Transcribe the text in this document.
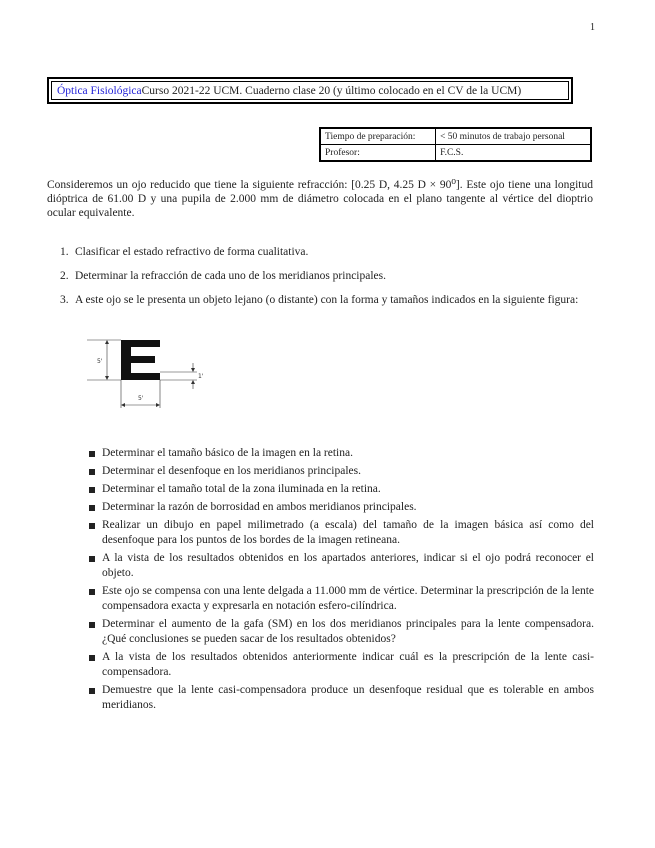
1
Óptica Fisiológica Curso 2021-22 UCM. Cuaderno clase 20 (y último colocado en el CV de la UCM)
Tiempo de preparación:	< 50 minutos de trabajo personal
Profesor:	F.C.S.
Consideremos un ojo reducido que tiene la siguiente refracción: [0.25 D, 4.25 D × 90⁰]. Este ojo tiene una longitud dióptrica de 61.00 D y una pupila de 2.000 mm de diámetro colocada en el plano tangente al vértice del dioptrio ocular equivalente.
1. Clasificar el estado refractivo de forma cualitativa.
2. Determinar la refracción de cada uno de los meridianos principales.
3. A este ojo se le presenta un objeto lejano (o distante) con la forma y tamaños indicados en la siguiente figura:
5'
1'
5'
Determinar el tamaño básico de la imagen en la retina.
Determinar el desenfoque en los meridianos principales.
Determinar el tamaño total de la zona iluminada en la retina.
Determinar la razón de borrosidad en ambos meridianos principales.
Realizar un dibujo en papel milimetrado (a escala) del tamaño de la imagen básica así como del desenfoque para los puntos de los bordes de la imagen retineana.
A la vista de los resultados obtenidos en los apartados anteriores, indicar si el ojo podrá reconocer el objeto.
Este ojo se compensa con una lente delgada a 11.000 mm de vértice. Determinar la prescripción de la lente compensadora exacta y expresarla en notación esfero-cilíndrica.
Determinar el aumento de la gafa (SM) en los dos meridianos principales para la lente compensadora. ¿Qué conclusiones se pueden sacar de los resultados obtenidos?
A la vista de los resultados obtenidos anteriormente indicar cuál es la prescripción de la lente casi-compensadora.
Demuestre que la lente casi-compensadora produce un desenfoque residual que es tolerable en ambos meridianos.
